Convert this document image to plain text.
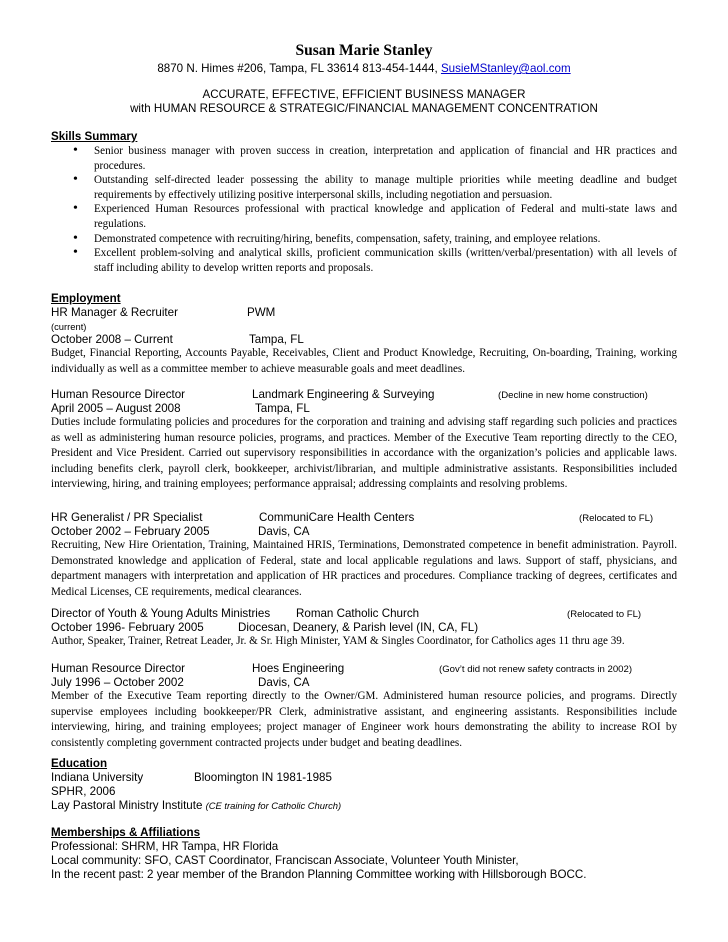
Susan Marie Stanley
8870 N. Himes #206, Tampa, FL 33614 813-454-1444, SusieMStanley@aol.com
ACCURATE, EFFECTIVE, EFFICIENT BUSINESS MANAGER
with HUMAN RESOURCE & STRATEGIC/FINANCIAL MANAGEMENT CONCENTRATION
Skills Summary
• Senior business manager with proven success in creation, interpretation and application of financial and HR practices and procedures.
• Outstanding self-directed leader possessing the ability to manage multiple priorities while meeting deadline and budget requirements by effectively utilizing positive interpersonal skills, including negotiation and persuasion.
• Experienced Human Resources professional with practical knowledge and application of Federal and multi-state laws and regulations.
• Demonstrated competence with recruiting/hiring, benefits, compensation, safety, training, and employee relations.
• Excellent problem-solving and analytical skills, proficient communication skills (written/verbal/presentation) with all levels of staff including ability to develop written reports and proposals.
Employment
HR Manager & Recruiter	PWM
(current)
October 2008 – Current	Tampa, FL
Budget, Financial Reporting, Accounts Payable, Receivables, Client and Product Knowledge, Recruiting, On-boarding, Training, working individually as well as a committee member to achieve measurable goals and meet deadlines.
Human Resource Director	Landmark Engineering & Surveying	(Decline in new home construction)
April 2005 – August 2008	Tampa, FL
Duties include formulating policies and procedures for the corporation and training and advising staff regarding such policies and practices as well as administering human resource policies, programs, and practices. Member of the Executive Team reporting directly to the CEO, President and Vice President. Carried out supervisory responsibilities in accordance with the organization’s policies and applicable laws. including benefits clerk, payroll clerk, bookkeeper, archivist/librarian, and multiple administrative assistants. Responsibilities included interviewing, hiring, and training employees; performance appraisal; addressing complaints and resolving problems.
HR Generalist / PR Specialist	CommuniCare Health Centers	(Relocated to FL)
October 2002 – February 2005	Davis, CA
Recruiting, New Hire Orientation, Training, Maintained HRIS, Terminations, Demonstrated competence in benefit administration. Payroll. Demonstrated knowledge and application of Federal, state and local applicable regulations and laws. Support of staff, physicians, and department managers with interpretation and application of HR practices and procedures. Compliance tracking of degrees, certificates and Medical Licenses, CE requirements, medical clearances.
Director of Youth & Young Adults Ministries Roman Catholic Church	(Relocated to FL)
October 1996- February 2005	Diocesan, Deanery, & Parish level (IN, CA, FL)
Author, Speaker, Trainer, Retreat Leader, Jr. & Sr. High Minister, YAM & Singles Coordinator, for Catholics ages 11 thru age 39.
Human Resource Director	Hoes Engineering	(Gov’t did not renew safety contracts in 2002)
July 1996 – October 2002	Davis, CA
Member of the Executive Team reporting directly to the Owner/GM. Administered human resource policies, and programs. Directly supervise employees including bookkeeper/PR Clerk, administrative assistant, and engineering assistants. Responsibilities include interviewing, hiring, and training employees; project manager of Engineer work hours demonstrating the ability to increase ROI by consistently completing government contracted projects under budget and beating deadlines.
Education
Indiana University	Bloomington IN 1981-1985
SPHR, 2006
Lay Pastoral Ministry Institute (CE training for Catholic Church)
Memberships & Affiliations
Professional: SHRM, HR Tampa, HR Florida
Local community: SFO, CAST Coordinator, Franciscan Associate, Volunteer Youth Minister,
In the recent past: 2 year member of the Brandon Planning Committee working with Hillsborough BOCC.
